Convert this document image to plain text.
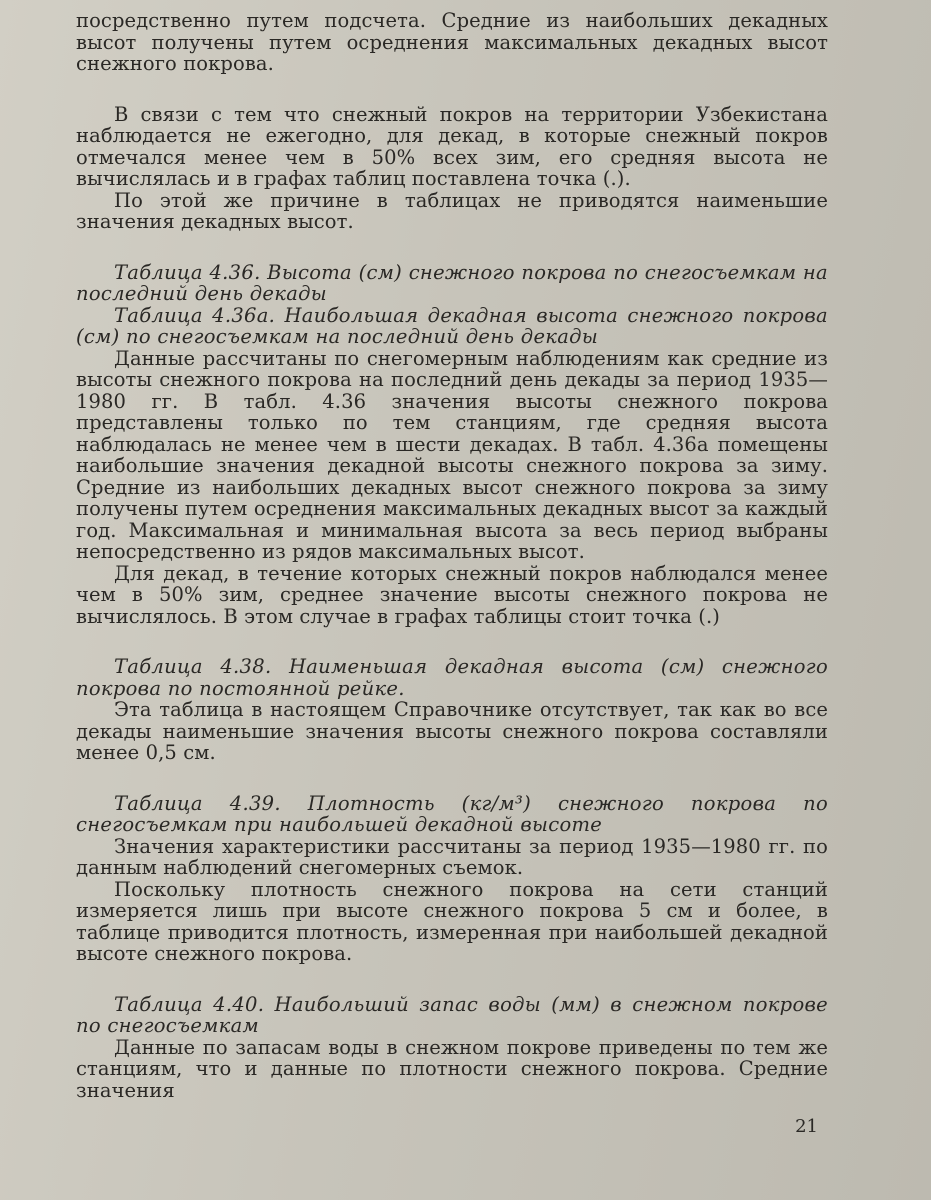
посредственно путем подсчета. Средние из наибольших декадных высот получены путем осреднения максимальных декадных высот снежного покрова.

В связи с тем что снежный покров на территории Узбекистана наблюдается не ежегодно, для декад, в которые снежный покров отмечался менее чем в 50% всех зим, его средняя высота не вычислялась и в графах таблиц поставлена точка (.).

По этой же причине в таблицах не приводятся наименьшие значения декадных высот.

Таблица 4.36. Высота (см) снежного покрова по снегосъемкам на последний день декады

Таблица 4.36а. Наибольшая декадная высота снежного покрова (см) по снегосъемкам на последний день декады

Данные рассчитаны по снегомерным наблюдениям как средние из высоты снежного покрова на последний день декады за период 1935—1980 гг. В табл. 4.36 значения высоты снежного покрова представлены только по тем станциям, где средняя высота наблюдалась не менее чем в шести декадах. В табл. 4.36а помещены наибольшие значения декадной высоты снежного покрова за зиму. Средние из наибольших декадных высот снежного покрова за зиму получены путем осреднения максимальных декадных высот за каждый год. Максимальная и минимальная высота за весь период выбраны непосредственно из рядов максимальных высот.

Для декад, в течение которых снежный покров наблюдался менее чем в 50% зим, среднее значение высоты снежного покрова не вычислялось. В этом случае в графах таблицы стоит точка (.)

Таблица 4.38. Наименьшая декадная высота (см) снежного покрова по постоянной рейке.

Эта таблица в настоящем Справочнике отсутствует, так как во все декады наименьшие значения высоты снежного покрова составляли менее 0,5 см.

Таблица 4.39. Плотность (кг/м³) снежного покрова по снегосъемкам при наибольшей декадной высоте

Значения характеристики рассчитаны за период 1935—1980 гг. по данным наблюдений снегомерных съемок.

Поскольку плотность снежного покрова на сети станций измеряется лишь при высоте снежного покрова 5 см и более, в таблице приводится плотность, измеренная при наибольшей декадной высоте снежного покрова.

Таблица 4.40. Наибольший запас воды (мм) в снежном покрове по снегосъемкам

Данные по запасам воды в снежном покрове приведены по тем же станциям, что и данные по плотности снежного покрова. Средние значения

21
